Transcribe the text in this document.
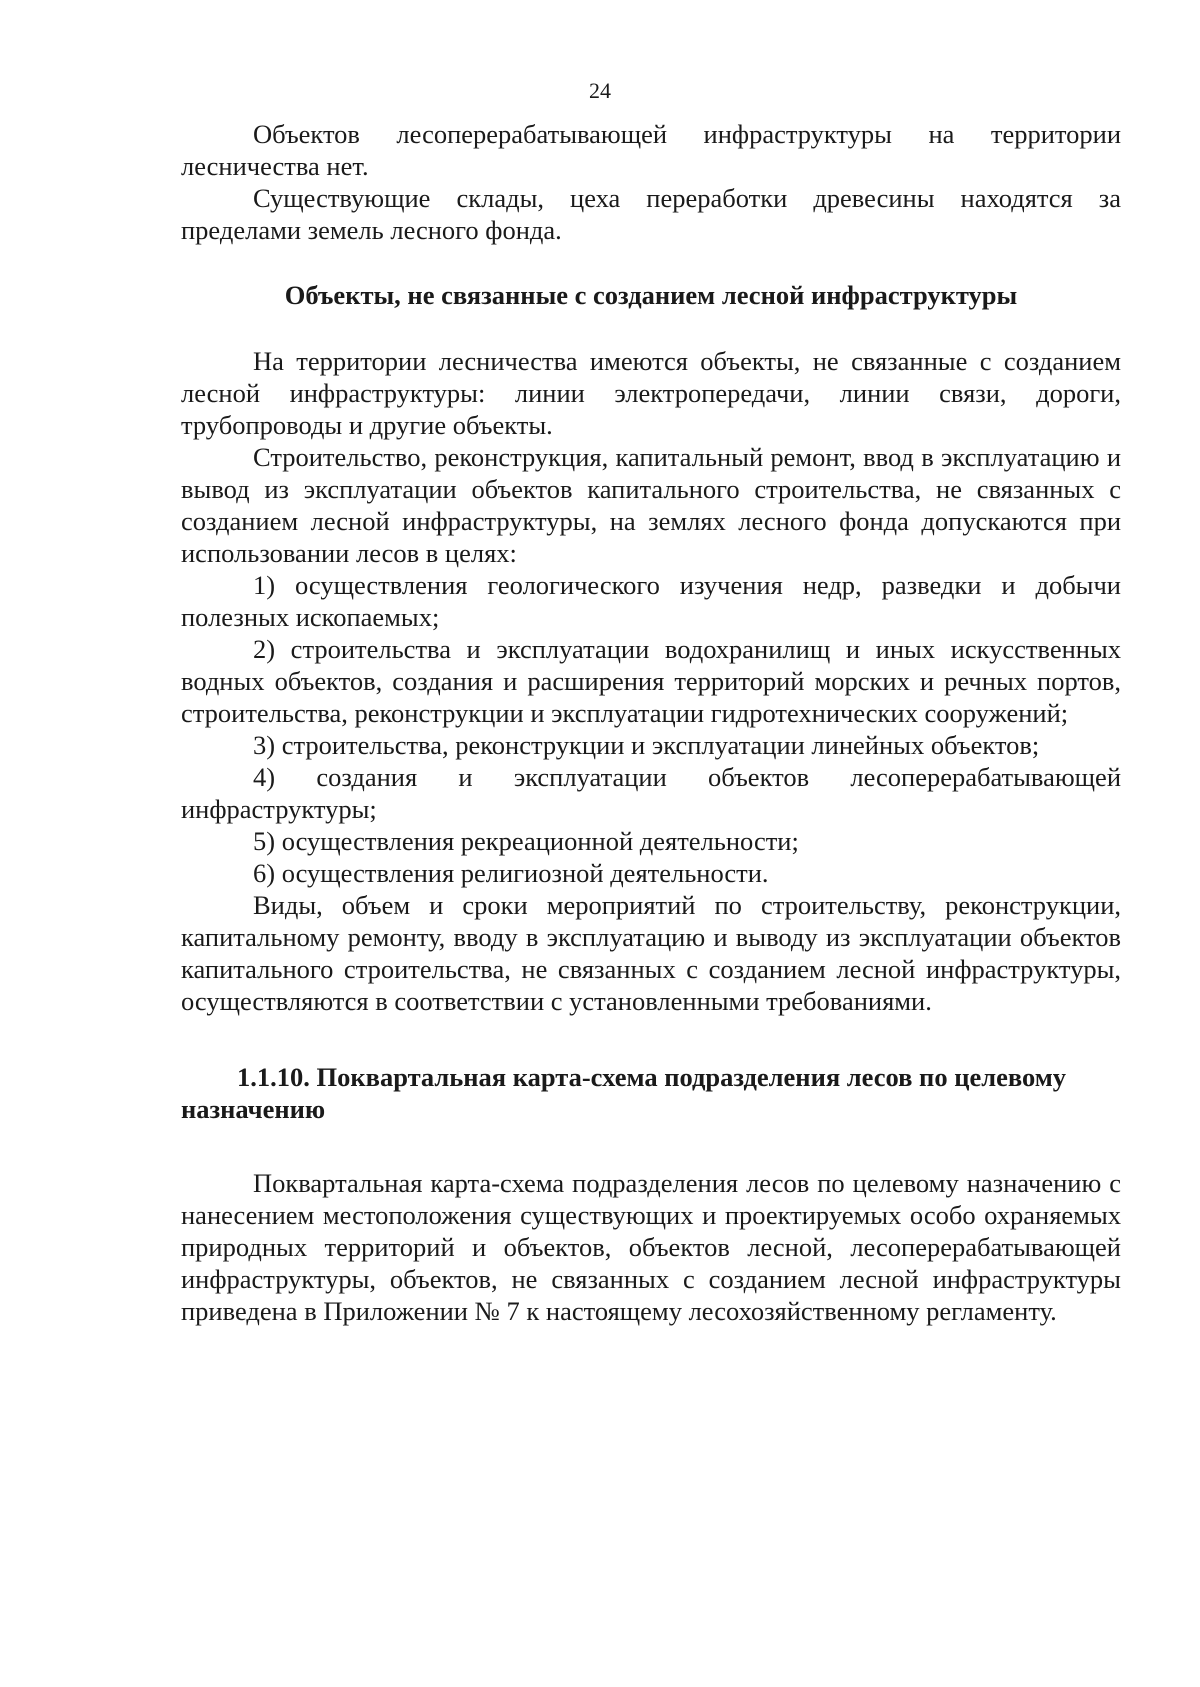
24

Объектов лесоперерабатывающей инфраструктуры на территории лесничества нет.

Существующие склады, цеха переработки древесины находятся за пределами земель лесного фонда.

Объекты, не связанные с созданием лесной инфраструктуры

На территории лесничества имеются объекты, не связанные с созданием лесной инфраструктуры: линии электропередачи, линии связи, дороги, трубопроводы и другие объекты.

Строительство, реконструкция, капитальный ремонт, ввод в эксплуатацию и вывод из эксплуатации объектов капитального строительства, не связанных с созданием лесной инфраструктуры, на землях лесного фонда допускаются при использовании лесов в целях:

1) осуществления геологического изучения недр, разведки и добычи полезных ископаемых;

2) строительства и эксплуатации водохранилищ и иных искусственных водных объектов, создания и расширения территорий морских и речных портов, строительства, реконструкции и эксплуатации гидротехнических сооружений;

3) строительства, реконструкции и эксплуатации линейных объектов;

4) создания и эксплуатации объектов лесоперерабатывающей инфраструктуры;

5) осуществления рекреационной деятельности;

6) осуществления религиозной деятельности.

Виды, объем и сроки мероприятий по строительству, реконструкции, капитальному ремонту, вводу в эксплуатацию и выводу из эксплуатации объектов капитального строительства, не связанных с созданием лесной инфраструктуры, осуществляются в соответствии с установленными требованиями.

1.1.10. Поквартальная карта-схема подразделения лесов по целевому назначению

Поквартальная карта-схема подразделения лесов по целевому назначению с нанесением местоположения существующих и проектируемых особо охраняемых природных территорий и объектов, объектов лесной, лесоперерабатывающей инфраструктуры, объектов, не связанных с созданием лесной инфраструктуры приведена в Приложении № 7 к настоящему лесохозяйственному регламенту.
